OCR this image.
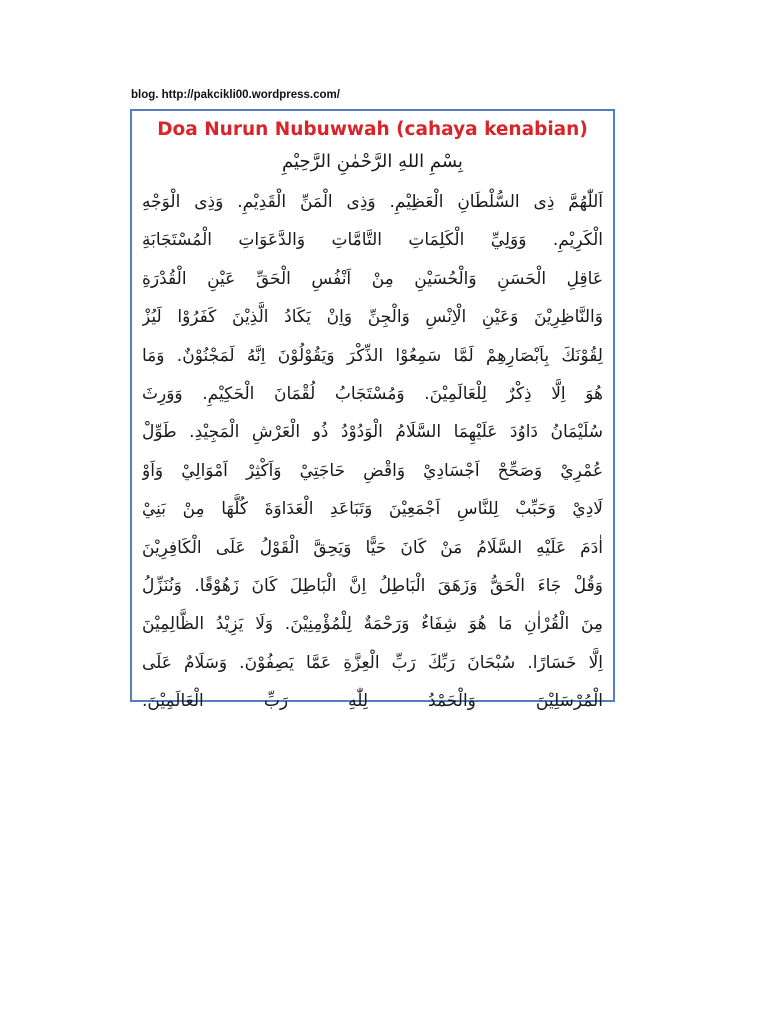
blog. http://pakcikli00.wordpress.com/
Doa Nurun Nubuwwah (cahaya kenabian)
بِسْمِ اللهِ الرَّحْمٰنِ الرَّحِيْمِ
اَللّٰهُمَّ ذِى السُّلْطَانِ الْعَظِيْمِ. وَذِى الْمَنِّ الْقَدِيْمِ. وَذِى الْوَجْهِ
الْكَرِيْمِ. وَوَلِيِّ الْكَلِمَاتِ التَّامَّاتِ وَالدَّعَوَاتِ الْمُسْتَجَابَةِ
عَاقِلِ الْحَسَنِ وَالْحُسَيْنِ مِنْ اَنْفُسِ الْحَقِّ عَيْنِ الْقُدْرَةِ
وَالنَّاظِرِيْنَ وَعَيْنِ الْاِنْسِ وَالْجِنِّ وَاِنْ يَكَادُ الَّذِيْنَ كَفَرُوْا لَيُزْ
لِقُوْنَكَ بِاَبْصَارِهِمْ لَمَّا سَمِعُوْا الذِّكْرَ وَيَقُوْلُوْنَ اِنَّهُ لَمَجْنُوْنٌ. وَمَا
هُوَ اِلَّا ذِكْرٌ لِلْعَالَمِيْنَ. وَمُسْتَجَابُ لُقْمَانَ الْحَكِيْمِ. وَوَرِثَ
سُلَيْمَانُ دَاوُدَ عَلَيْهِمَا السَّلَامُ الْوَدُوْدُ ذُو الْعَرْشِ الْمَجِيْدِ. طَوِّلْ
عُمْرِيْ وَصَحِّحْ اَجْسَادِيْ وَاقْضِ حَاجَتِيْ وَاَكْثِرْ اَمْوَالِيْ وَاَوْ
لَادِيْ وَحَبِّبْ لِلنَّاسِ اَجْمَعِيْنَ وَتَبَاعَدِ الْعَدَاوَةَ كُلَّهَا مِنْ بَنِيْ
اٰدَمَ عَلَيْهِ السَّلَامُ مَنْ كَانَ حَيًّا وَيَحِقَّ الْقَوْلُ عَلَى الْكَافِرِيْنَ
وَقُلْ جَاءَ الْحَقُّ وَزَهَقَ الْبَاطِلُ اِنَّ الْبَاطِلَ كَانَ زَهُوْقًا. وَنُنَزِّلُ
مِنَ الْقُرْاٰنِ مَا هُوَ شِفَاءٌ وَرَحْمَةٌ لِلْمُؤْمِنِيْنَ. وَلَا يَزِيْدُ الظَّالِمِيْنَ
اِلَّا خَسَارًا. سُبْحَانَ رَبِّكَ رَبِّ الْعِزَّةِ عَمَّا يَصِفُوْنَ. وَسَلَامٌ عَلَى
الْمُرْسَلِيْنَ وَالْحَمْدُ لِلّٰهِ رَبِّ الْعَالَمِيْنَ.
